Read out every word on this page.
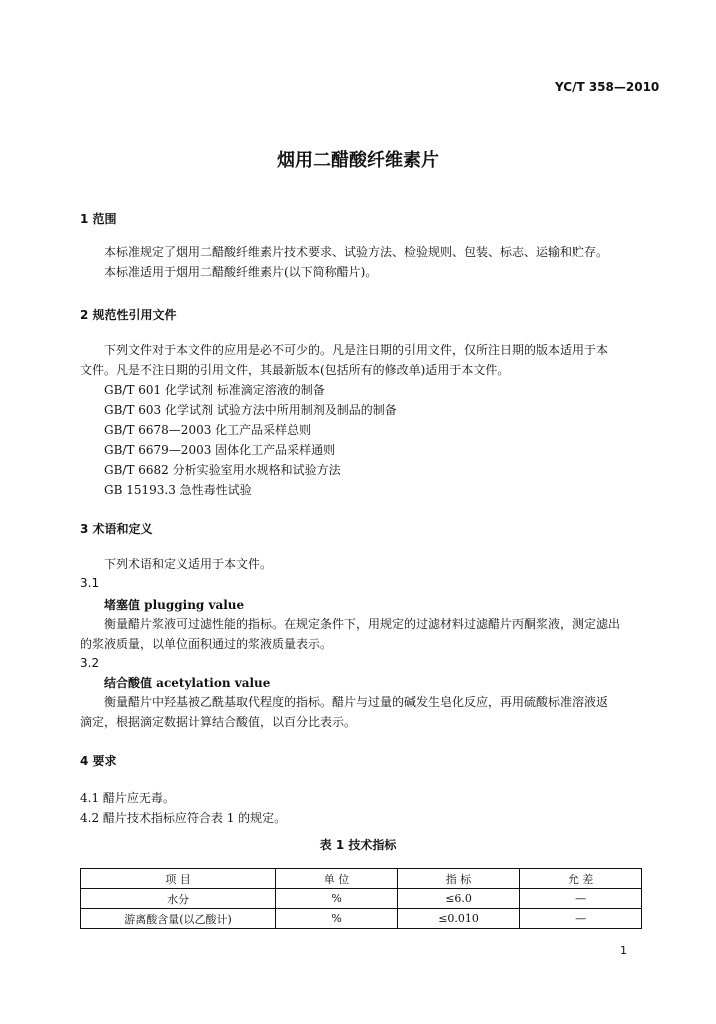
YC/T 358—2010
烟用二醋酸纤维素片
1 范围
本标准规定了烟用二醋酸纤维素片技术要求、试验方法、检验规则、包装、标志、运输和贮存。
本标准适用于烟用二醋酸纤维素片(以下简称醋片)。
2 规范性引用文件
下列文件对于本文件的应用是必不可少的。凡是注日期的引用文件，仅所注日期的版本适用于本
文件。凡是不注日期的引用文件，其最新版本(包括所有的修改单)适用于本文件。
GB/T 601 化学试剂 标准滴定溶液的制备
GB/T 603 化学试剂 试验方法中所用制剂及制品的制备
GB/T 6678—2003 化工产品采样总则
GB/T 6679—2003 固体化工产品采样通则
GB/T 6682 分析实验室用水规格和试验方法
GB 15193.3 急性毒性试验
3 术语和定义
下列术语和定义适用于本文件。
3.1
堵塞值 plugging value
衡量醋片浆液可过滤性能的指标。在规定条件下，用规定的过滤材料过滤醋片丙酮浆液，测定滤出
的浆液质量，以单位面积通过的浆液质量表示。
3.2
结合酸值 acetylation value
衡量醋片中羟基被乙酰基取代程度的指标。醋片与过量的碱发生皂化反应，再用硫酸标准溶液返
滴定，根据滴定数据计算结合酸值，以百分比表示。
4 要求
4.1 醋片应无毒。
4.2 醋片技术指标应符合表 1 的规定。
表 1 技术指标
项 目	单 位	指 标	允 差
水分	%	≤6.0	—
游离酸含量(以乙酸计)	%	≤0.010	—
1
